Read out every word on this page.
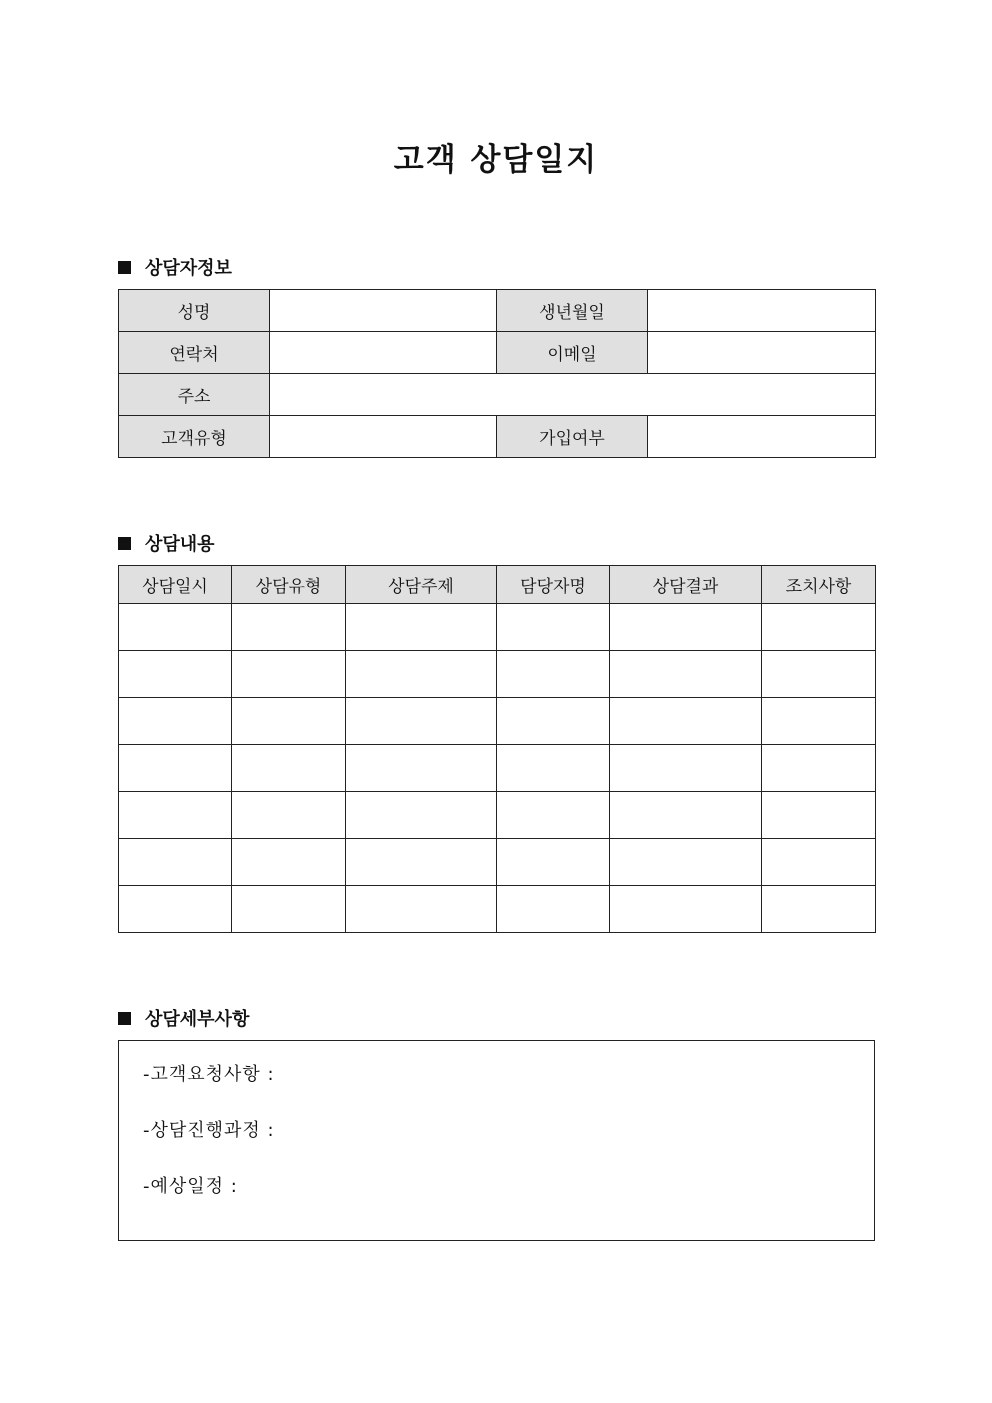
고객 상담일지
상담자정보
성명		생년월일	
연락처		이메일	
주소			
고객유형		가입여부	
상담내용
상담일시	상담유형	상담주제	담당자명	상담결과	조치사항

상담세부사항

-고객요청사항 :

-상담진행과정 :

-예상일정 :
